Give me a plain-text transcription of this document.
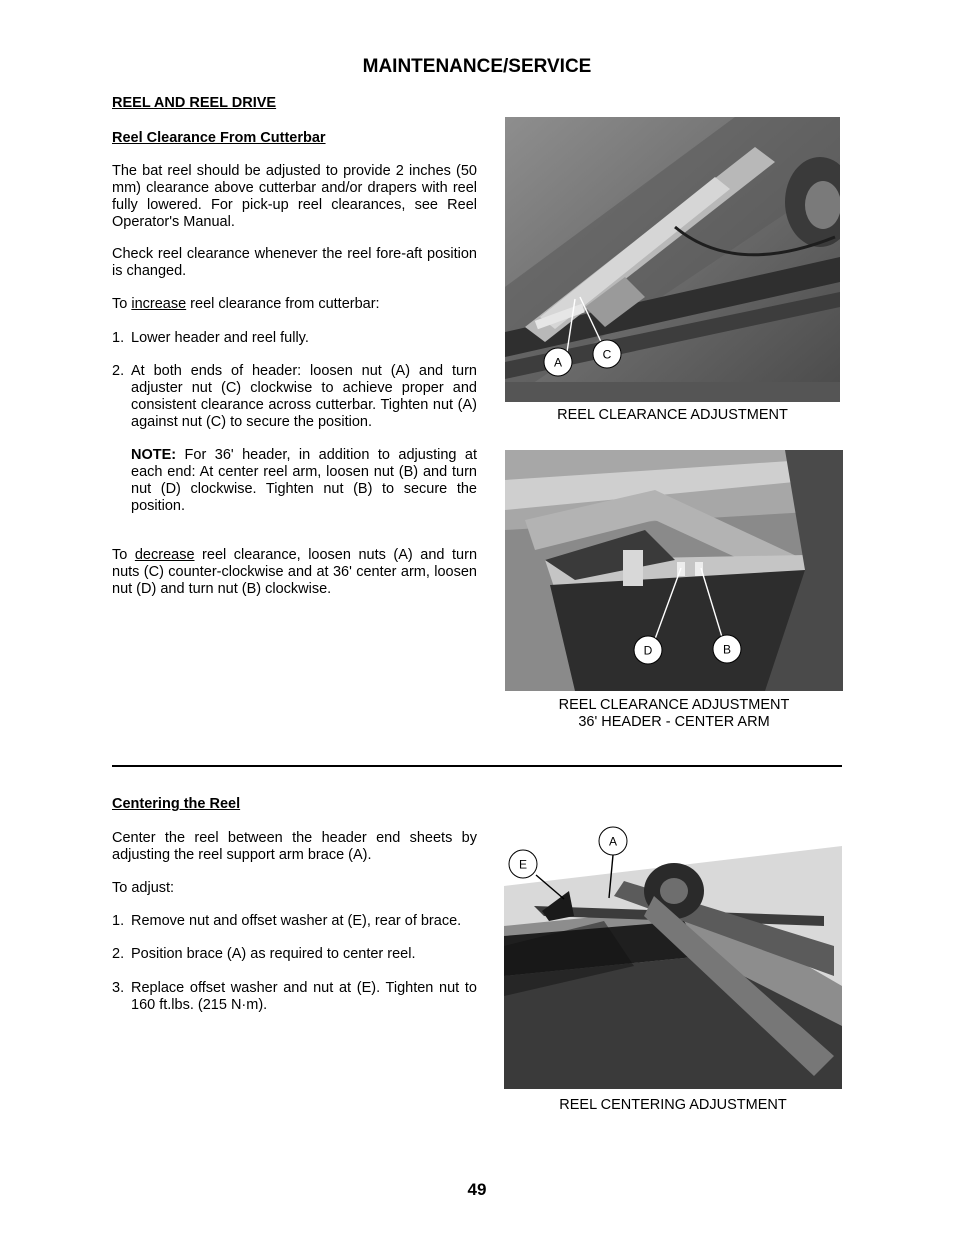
MAINTENANCE/SERVICE
REEL AND REEL DRIVE
Reel Clearance From Cutterbar
The bat reel should be adjusted to provide 2 inches (50 mm) clearance above cutterbar and/or drapers with reel fully lowered. For pick-up reel clearances, see Reel Operator's Manual.
Check reel clearance whenever the reel fore-aft position is changed.
To increase reel clearance from cutterbar:
1. Lower header and reel fully.
2. At both ends of header: loosen nut (A) and turn adjuster nut (C) clockwise to achieve proper and consistent clearance across cutterbar. Tighten nut (A) against nut (C) to secure the position.
NOTE: For 36' header, in addition to adjusting at each end: At center reel arm, loosen nut (B) and turn nut (D) clockwise. Tighten nut (B) to secure the position.
To decrease reel clearance, loosen nuts (A) and turn nuts (C) counter-clockwise and at 36' center arm, loosen nut (D) and turn nut (B) clockwise.
A
C
REEL CLEARANCE ADJUSTMENT
D	B
REEL CLEARANCE ADJUSTMENT
36' HEADER - CENTER ARM
Centering the Reel
Center the reel between the header end sheets by adjusting the reel support arm brace (A).
To adjust:
1. Remove nut and offset washer at (E), rear of brace.
2. Position brace (A) as required to center reel.
3. Replace offset washer and nut at (E). Tighten nut to 160 ft.lbs. (215 N·m).
E
A
REEL CENTERING ADJUSTMENT
49
